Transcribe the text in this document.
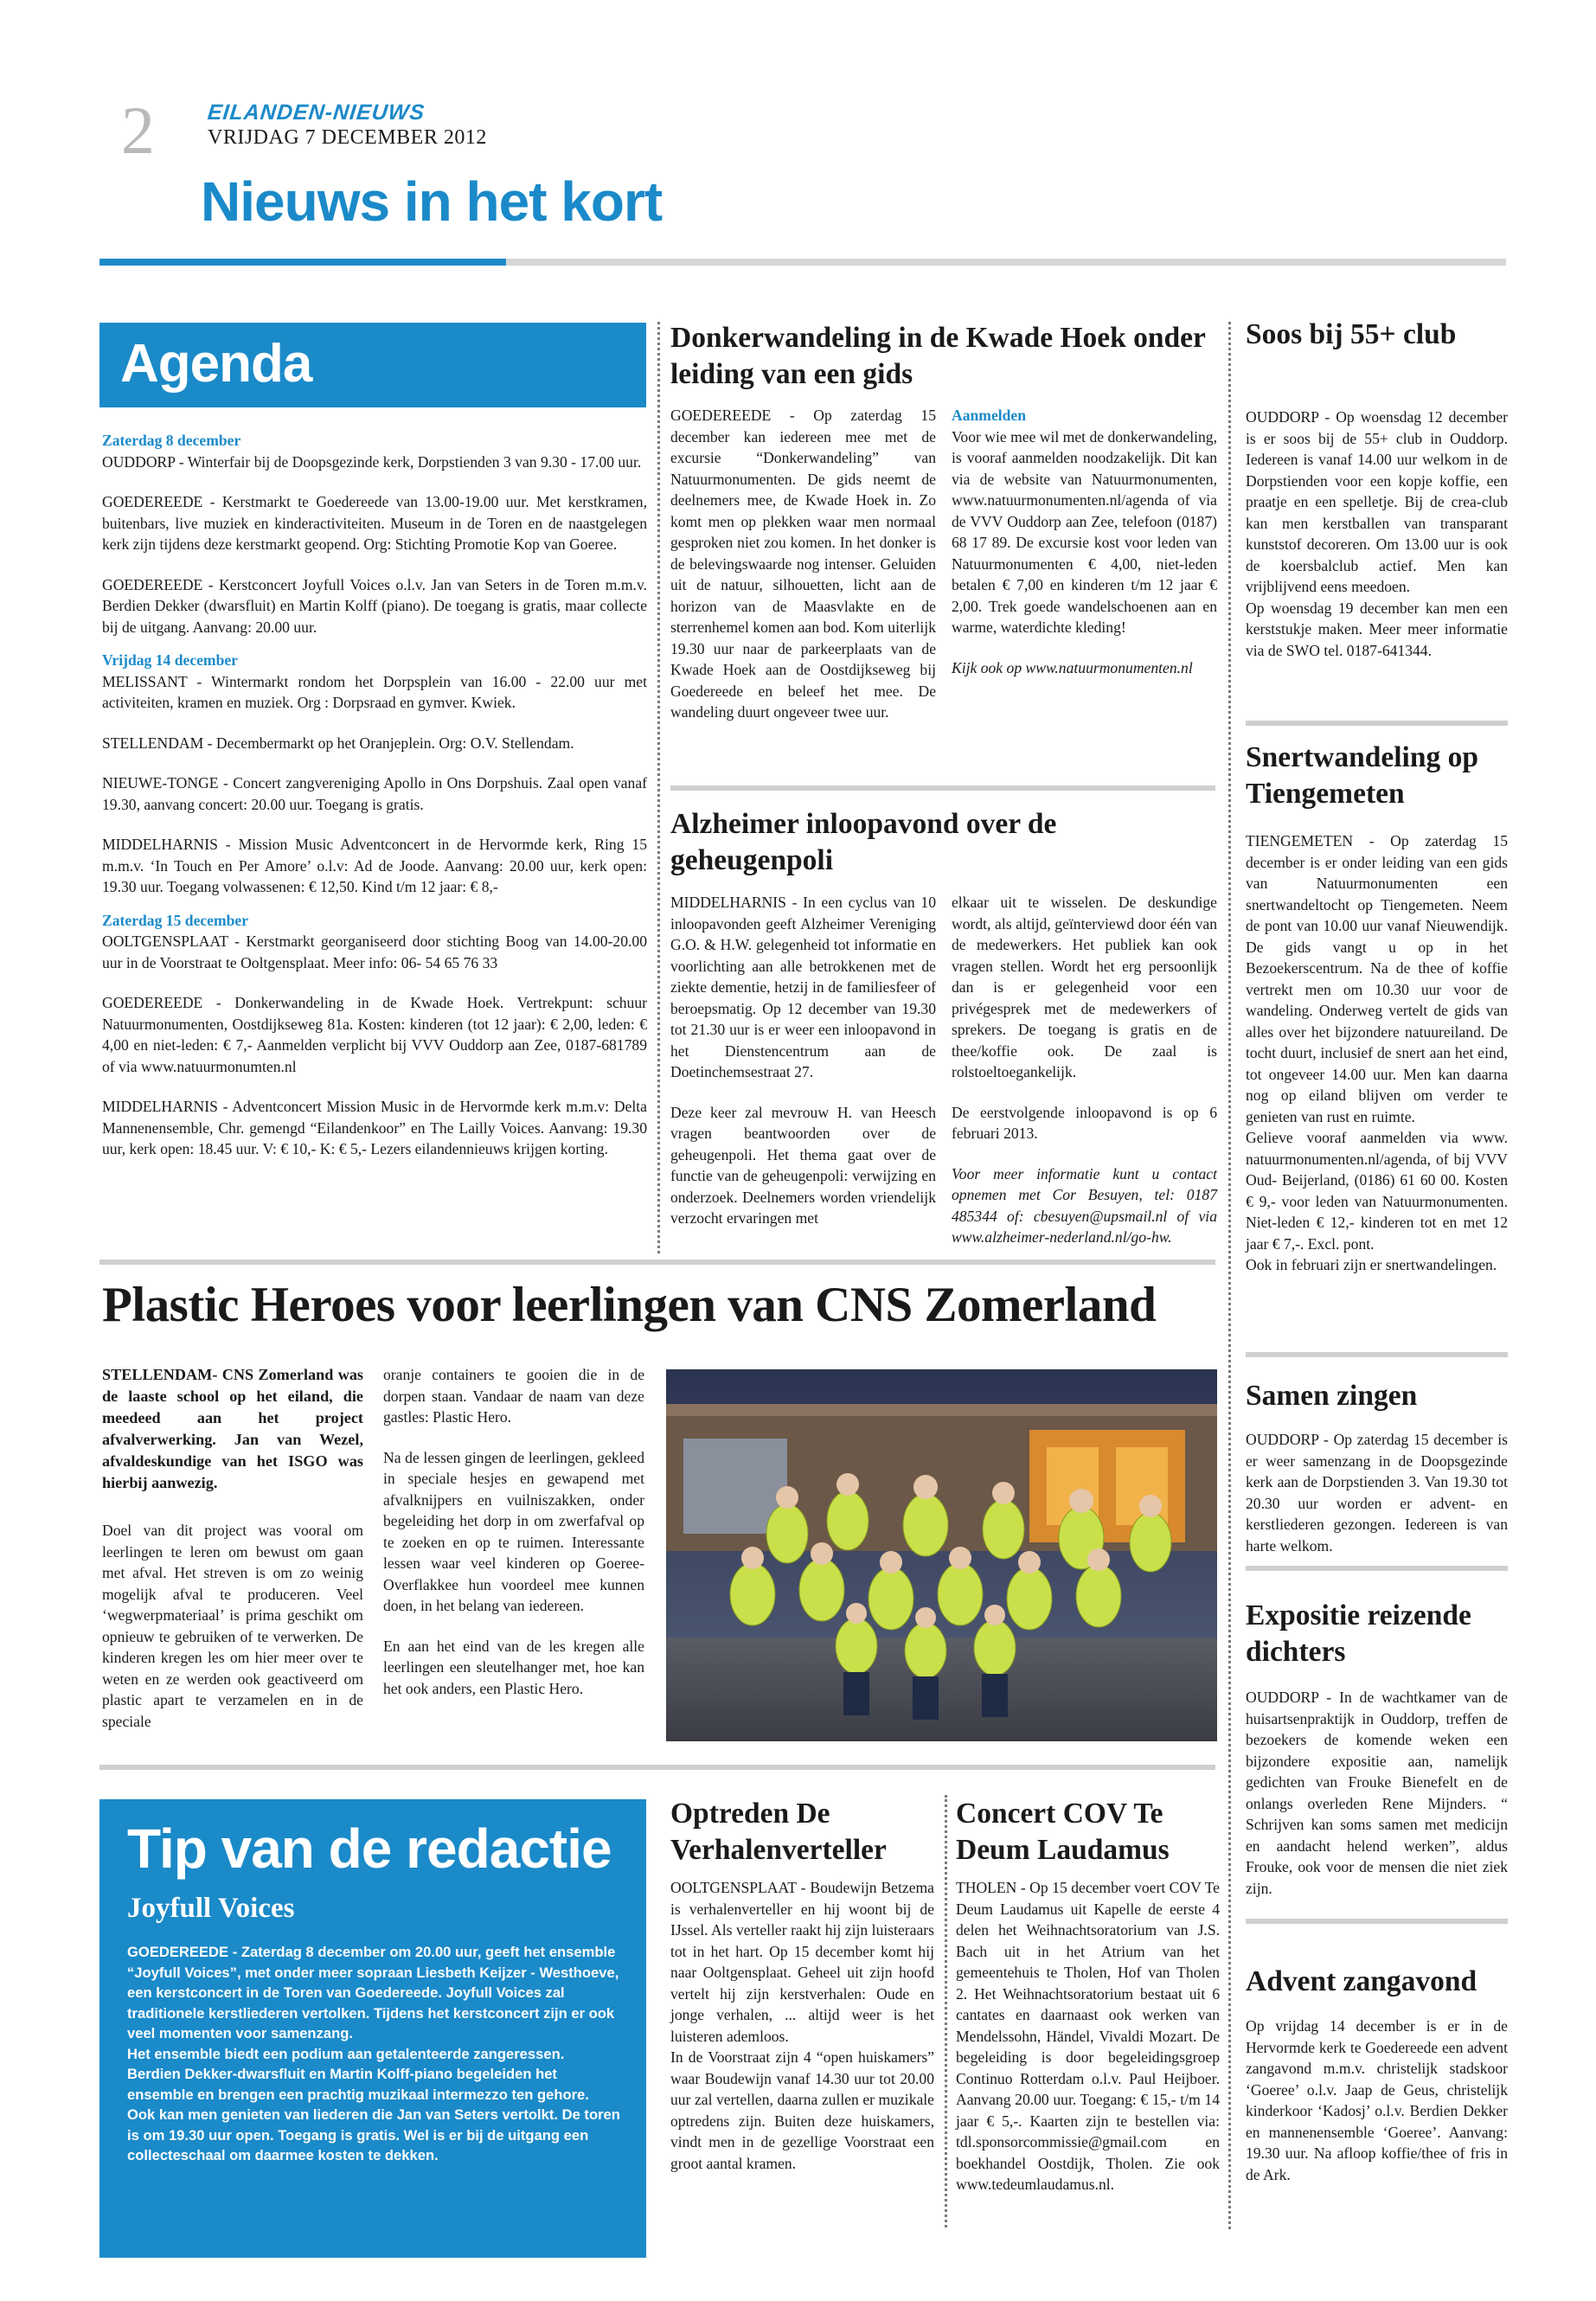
2 EILANDEN-NIEUWS
VRIJDAG 7 DECEMBER 2012
Nieuws in het kort
Agenda
Zaterdag 8 december
OUDDORP - Winterfair bij de Doopsgezinde kerk, Dorpstienden 3 van 9.30 - 17.00 uur.
GOEDEREEDE - Kerstmarkt te Goedereede van 13.00-19.00 uur. Met kerstkramen, buitenbars, live muziek en kinderactiviteiten. Museum in de Toren en de naastgelegen kerk zijn tijdens deze kerstmarkt geopend. Org: Stichting Promotie Kop van Goeree.
GOEDEREEDE - Kerstconcert Joyfull Voices o.l.v. Jan van Seters in de Toren m.m.v. Berdien Dekker (dwarsfluit) en Martin Kolff (piano). De toegang is gratis, maar collecte bij de uitgang. Aanvang: 20.00 uur.
Vrijdag 14 december
MELISSANT - Wintermarkt rondom het Dorpsplein van 16.00 - 22.00 uur met activiteiten, kramen en muziek. Org : Dorpsraad en gymver. Kwiek.
STELLENDAM - Decembermarkt op het Oranjeplein. Org: O.V. Stellendam.
NIEUWE-TONGE - Concert zangvereniging Apollo in Ons Dorpshuis. Zaal open vanaf 19.30, aanvang concert: 20.00 uur. Toegang is gratis.
MIDDELHARNIS - Mission Music Adventconcert in de Hervormde kerk, Ring 15 m.m.v. ‘In Touch en Per Amore’ o.l.v: Ad de Joode. Aanvang: 20.00 uur, kerk open: 19.30 uur. Toegang volwassenen: € 12,50. Kind t/m 12 jaar: € 8,-
Zaterdag 15 december
OOLTGENSPLAAT - Kerstmarkt georganiseerd door stichting Boog van 14.00-20.00 uur in de Voorstraat te Ooltgensplaat. Meer info: 06- 54 65 76 33
GOEDEREEDE - Donkerwandeling in de Kwade Hoek. Vertrekpunt: schuur Natuurmonumenten, Oostdijkseweg 81a. Kosten: kinderen (tot 12 jaar): € 2,00, leden: € 4,00 en niet-leden: € 7,- Aanmelden verplicht bij VVV Ouddorp aan Zee, 0187-681789 of via www.natuurmonumten.nl
MIDDELHARNIS - Adventconcert Mission Music in de Hervormde kerk m.m.v: Delta Mannenensemble, Chr. gemengd “Eilandenkoor” en The Lailly Voices. Aanvang: 19.30 uur, kerk open: 18.45 uur. V: € 10,- K: € 5,- Lezers eilandennieuws krijgen korting.
Donkerwandeling in de Kwade Hoek onder leiding van een gids
GOEDEREEDE - Op zaterdag 15 december kan iedereen mee met de excursie “Donkerwandeling” van Natuurmonumenten. De gids neemt de deelnemers mee, de Kwade Hoek in. Zo komt men op plekken waar men normaal gesproken niet zou komen. In het donker is de belevingswaarde nog intenser. Geluiden uit de natuur, silhouetten, licht aan de horizon van de Maasvlakte en de sterrenhemel komen aan bod. Kom uiterlijk 19.30 uur naar de parkeerplaats van de Kwade Hoek aan de Oostdijkseweg bij Goedereede en beleef het mee. De wandeling duurt ongeveer twee uur.

Aanmelden

Voor wie mee wil met de donkerwandeling, is vooraf aanmelden noodzakelijk. Dit kan via de website van Natuurmonumenten, www.natuurmonumenten.nl/agenda of via de VVV Ouddorp aan Zee, telefoon (0187) 68 17 89. De excursie kost voor leden van Natuurmonumenten € 4,00, niet-leden betalen € 7,00 en kinderen t/m 12 jaar € 2,00. Trek goede wandelschoenen aan en warme, waterdichte kleding!

Kijk ook op www.natuurmonumenten.nl

Alzheimer inloopavond over de geheugenpoli

MIDDELHARNIS - In een cyclus van 10 inloopavonden geeft Alzheimer Vereniging G.O. & H.W. gelegenheid tot informatie en voorlichting aan alle betrokkenen met de ziekte dementie, hetzij in de familiesfeer of beroepsmatig. Op 12 december van 19.30 tot 21.30 uur is er weer een inloopavond in het Dienstencentrum aan de Doetinchemsestraat 27.

Deze keer zal mevrouw H. van Heesch vragen beantwoorden over de geheugenpoli. Het thema gaat over de functie van de geheugenpoli: verwijzing en onderzoek. Deelnemers worden vriendelijk verzocht ervaringen met

elkaar uit te wisselen. De deskundige wordt, als altijd, geïnterviewd door één van de medewerkers. Het publiek kan ook vragen stellen. Wordt het erg persoonlijk dan is er gelegenheid voor een privégesprek met de medewerkers of sprekers. De toegang is gratis en de thee/koffie ook. De zaal is rolstoeltoegankelijk.

De eerstvolgende inloopavond is op 6 februari 2013.

Voor meer informatie kunt u contact opnemen met Cor Besuyen, tel: 0187 485344 of: cbesuyen@upsmail.nl of via www.alzheimer-nederland.nl/go-hw.

Plastic Heroes voor leerlingen van CNS Zomerland
STELLENDAM- CNS Zomerland was de laaste school op het eiland, die meedeed aan het project afvalverwerking. Jan van Wezel, afvaldeskundige van het ISGO was hierbij aanwezig.
Doel van dit project was vooral om leerlingen te leren om bewust om gaan met afval. Het streven is om zo weinig mogelijk afval te produceren. Veel ‘wegwerpmateriaal’ is prima geschikt om opnieuw te gebruiken of te verwerken. De kinderen kregen les om hier meer over te weten en ze werden ook geactiveerd om plastic apart te verzamelen en in de speciale

oranje containers te gooien die in de dorpen staan. Vandaar de naam van deze gastles: Plastic Hero.

Na de lessen gingen de leerlingen, gekleed in speciale hesjes en gewapend met afvalknijpers en vuilniszakken, onder begeleiding het dorp in om zwerfafval op te zoeken en op te ruimen. Interessante lessen waar veel kinderen op Goeree-Overflakkee hun voordeel mee kunnen doen, in het belang van iedereen.

En aan het eind van de les kregen alle leerlingen een sleutelhanger met, hoe kan het ook anders, een Plastic Hero.

Tip van de redactie
Joyfull Voices

GOEDEREEDE - Zaterdag 8 december om 20.00 uur, geeft het ensemble “Joyfull Voices”, met onder meer sopraan Liesbeth Keijzer - Westhoeve, een kerstconcert in de Toren van Goedereede. Joyfull Voices zal traditionele kerstliederen vertolken. Tijdens het kerstconcert zijn er ook veel momenten voor samenzang.

Het ensemble biedt een podium aan getalenteerde zangeressen. Berdien Dekker-dwarsfluit en Martin Kolff-piano begeleiden het ensemble en brengen een prachtig muzikaal intermezzo ten gehore. Ook kan men genieten van liederen die Jan van Seters vertolkt. De toren is om 19.30 uur open. Toegang is gratis. Wel is er bij de uitgang een collecteschaal om daarmee kosten te dekken.

Optreden De Verhalenverteller

OOLTGENSPLAAT - Boudewijn Betzema is verhalenverteller en hij woont bij de IJssel. Als verteller raakt hij zijn luisteraars tot in het hart. Op 15 december komt hij naar Ooltgensplaat. Geheel uit zijn hoofd vertelt hij zijn kerstverhalen: Oude en jonge verhalen, ... altijd weer is het luisteren ademloos.

In de Voorstraat zijn 4 “open huiskamers” waar Boudewijn vanaf 14.30 uur tot 20.00 uur zal vertellen, daarna zullen er muzikale optredens zijn. Buiten deze huiskamers, vindt men in de gezellige Voorstraat een groot aantal kramen.

Concert COV Te Deum Laudamus
THOLEN - Op 15 december voert COV Te Deum Laudamus uit Kapelle de eerste 4 delen het Weihnachtsoratorium van J.S. Bach uit in het Atrium van het gemeentehuis te Tholen, Hof van Tholen 2. Het Weihnachtsoratorium bestaat uit 6 cantates en daarnaast ook werken van Mendelssohn, Händel, Vivaldi Mozart. De begeleiding is door begeleidingsgroep Continuo Rotterdam o.l.v. Paul Heijboer. Aanvang 20.00 uur. Toegang: € 15,- t/m 14 jaar € 5,-. Kaarten zijn te bestellen via: tdl.sponsorcommissie@gmail.com en boekhandel Oostdijk, Tholen. Zie ook www.tedeumlaudamus.nl.
Soos bij 55+ club

OUDDORP - Op woensdag 12 december is er soos bij de 55+ club in Ouddorp. Iedereen is vanaf 14.00 uur welkom in de Dorpstienden voor een kopje koffie, een praatje en een spelletje. Bij de crea-club kan men kerstballen van transparant kunststof decoreren. Om 13.00 uur is ook de koersbalclub actief. Men kan vrijblijvend eens meedoen.

Op woensdag 19 december kan men een kerststukje maken. Meer meer informatie via de SWO tel. 0187-641344.

Snertwandeling op Tiengemeten

TIENGEMETEN - Op zaterdag 15 december is er onder leiding van een gids van Natuurmonumenten een snertwandeltocht op Tiengemeten. Neem de pont van 10.00 uur vanaf Nieuwendijk. De gids vangt u op in het Bezoekerscentrum. Na de thee of koffie vertrekt men om 10.30 uur voor de wandeling. Onderweg vertelt de gids van alles over het bijzondere natuureiland. De tocht duurt, inclusief de snert aan het eind, tot ongeveer 14.00 uur. Men kan daarna nog op eiland blijven om verder te genieten van rust en ruimte.

Gelieve vooraf aanmelden via www. natuurmonumenten.nl/agenda, of bij VVV Oud- Beijerland, (0186) 61 60 00. Kosten € 9,- voor leden van Natuurmonumenten. Niet-leden € 12,- kinderen tot en met 12 jaar € 7,-. Excl. pont.

Ook in februari zijn er snertwandelingen.

Samen zingen
OUDDORP - Op zaterdag 15 december is er weer samenzang in de Doopsgezinde kerk aan de Dorpstienden 3. Van 19.30 tot 20.30 uur worden er advent- en kerstliederen gezongen. Iedereen is van harte welkom.
Expositie reizende dichters
OUDDORP - In de wachtkamer van de huisartsenpraktijk in Ouddorp, treffen de bezoekers de komende weken een bijzondere expositie aan, namelijk gedichten van Frouke Bienefelt en de onlangs overleden Rene Mijnders. “ Schrijven kan soms samen met medicijn en aandacht helend werken”, aldus Frouke, ook voor de mensen die niet ziek zijn.
Advent zangavond
Op vrijdag 14 december is er in de Hervormde kerk te Goedereede een advent zangavond m.m.v. christelijk stadskoor ‘Goeree’ o.l.v. Jaap de Geus, christelijk kinderkoor ‘Kadosj’ o.l.v. Berdien Dekker en mannenensemble ‘Goeree’. Aanvang: 19.30 uur. Na afloop koffie/thee of fris in de Ark.
